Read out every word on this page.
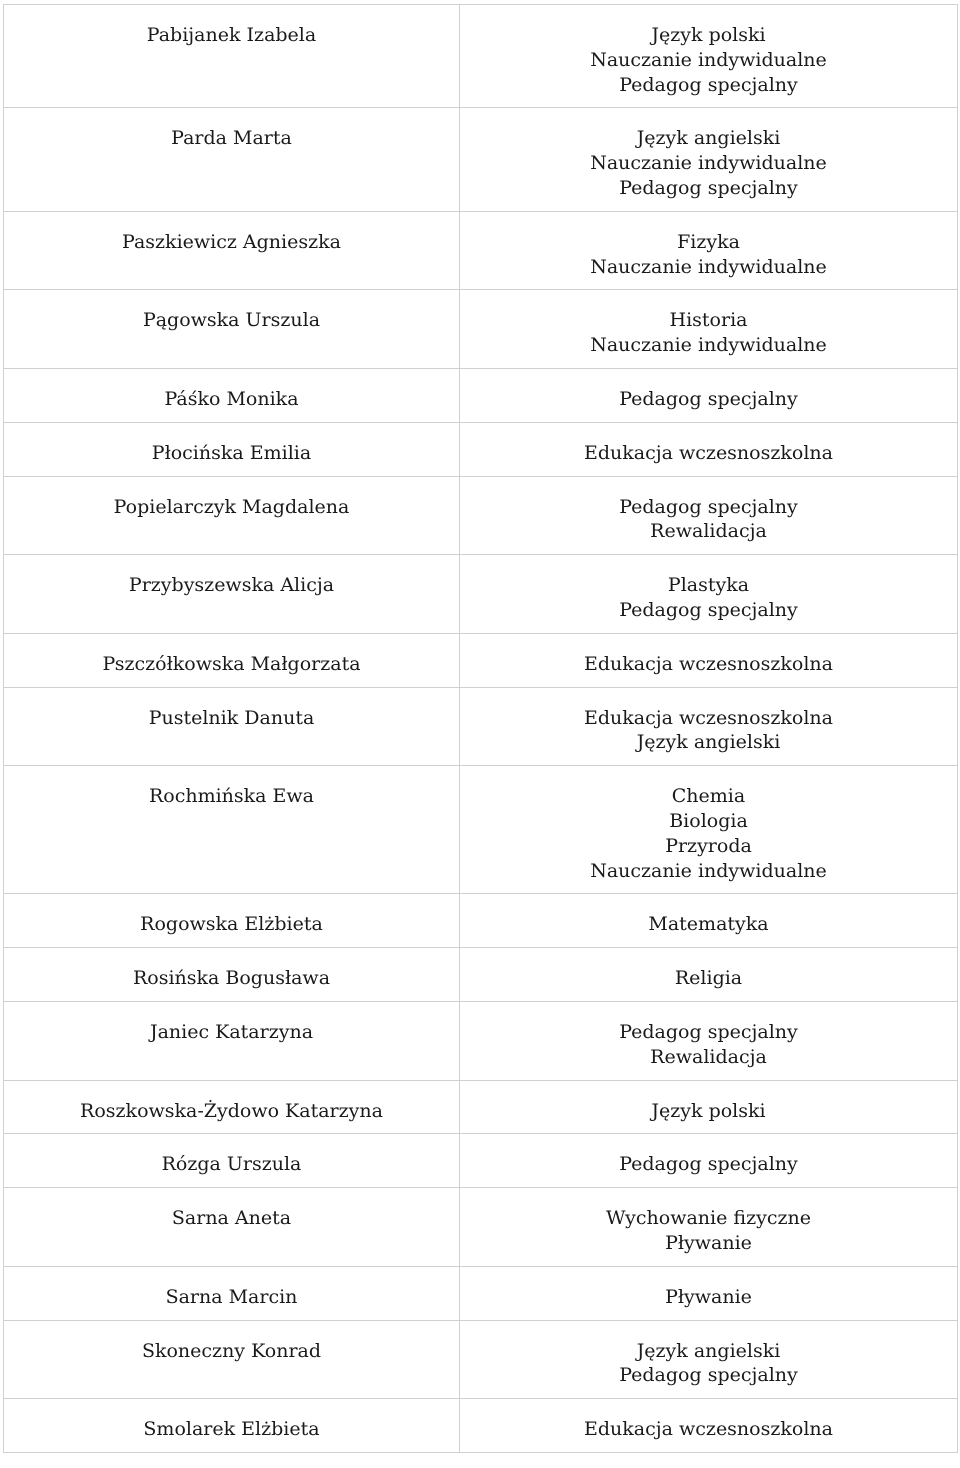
Pabijanek Izabela	Język polski
Nauczanie indywidualne
Pedagog specjalny

Parda Marta	Język angielski
Nauczanie indywidualne
Pedagog specjalny

Paszkiewicz Agnieszka	Fizyka
Nauczanie indywidualne

Pągowska Urszula	Historia
Nauczanie indywidualne

Páśko Monika	Pedagog specjalny

Płocińska Emilia	Edukacja wczesnoszkolna

Popielarczyk Magdalena	Pedagog specjalny
Rewalidacja

Przybyszewska Alicja	Plastyka
Pedagog specjalny

Pszczółkowska Małgorzata	Edukacja wczesnoszkolna

Pustelnik Danuta	Edukacja wczesnoszkolna
Język angielski

Rochmińska Ewa	Chemia
Biologia
Przyroda
Nauczanie indywidualne

Rogowska Elżbieta	Matematyka

Rosińska Bogusława	Religia

Janiec Katarzyna	Pedagog specjalny
Rewalidacja

Roszkowska-Żydowo Katarzyna	Język polski

Rózga Urszula	Pedagog specjalny

Sarna Aneta	Wychowanie fizyczne
Pływanie

Sarna Marcin	Pływanie

Skoneczny Konrad	Język angielski
Pedagog specjalny

Smolarek Elżbieta	Edukacja wczesnoszkolna
